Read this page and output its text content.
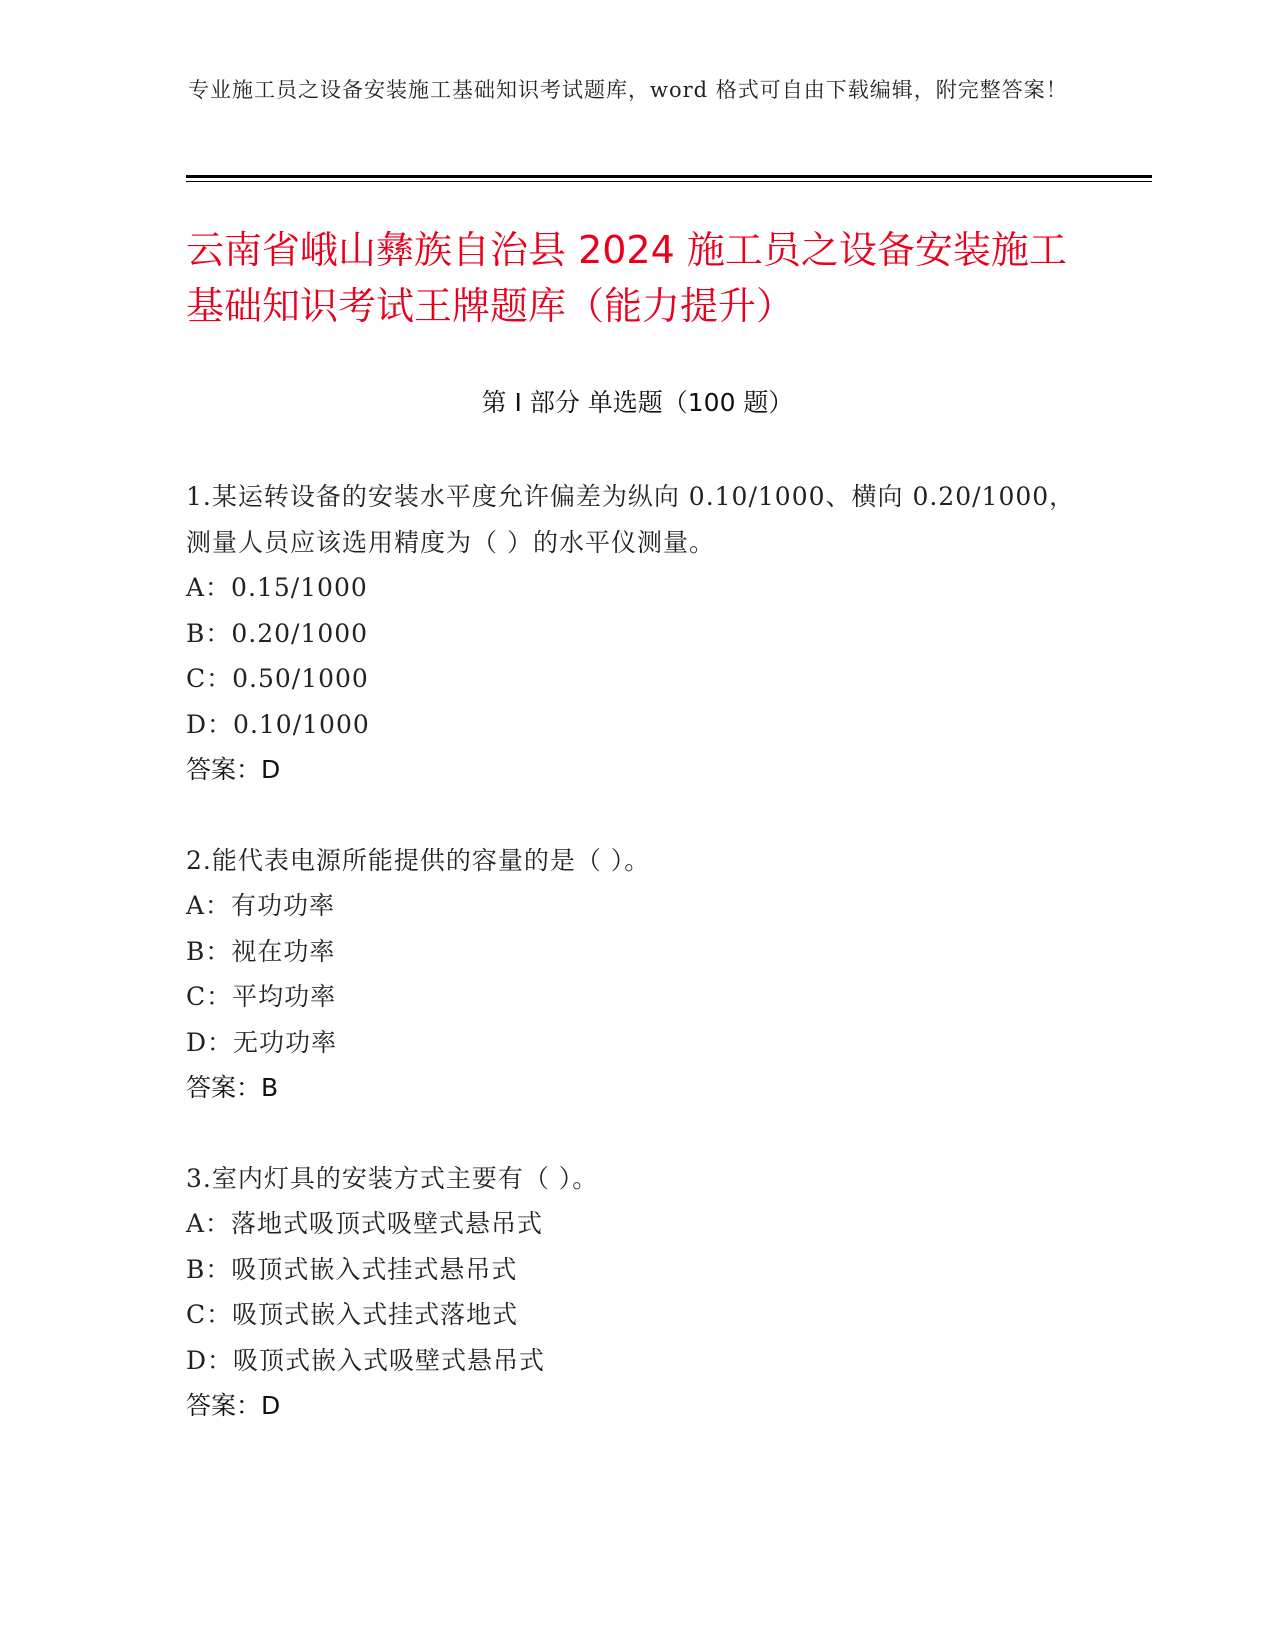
专业施工员之设备安装施工基础知识考试题库，word 格式可自由下载编辑，附完整答案！
云南省峨山彝族自治县 2024 施工员之设备安装施工基础知识考试王牌题库（能力提升）
第 I 部分 单选题（100 题）
1.某运转设备的安装水平度允许偏差为纵向 0.10/1000、横向 0.20/1000，测量人员应该选用精度为（ ）的水平仪测量。
A：0.15/1000
B：0.20/1000
C：0.50/1000
D：0.10/1000
答案：D
2.能代表电源所能提供的容量的是（ ）。
A：有功功率
B：视在功率
C：平均功率
D：无功功率
答案：B
3.室内灯具的安装方式主要有（ ）。
A：落地式吸顶式吸壁式悬吊式
B：吸顶式嵌入式挂式悬吊式
C：吸顶式嵌入式挂式落地式
D：吸顶式嵌入式吸壁式悬吊式
答案：D
